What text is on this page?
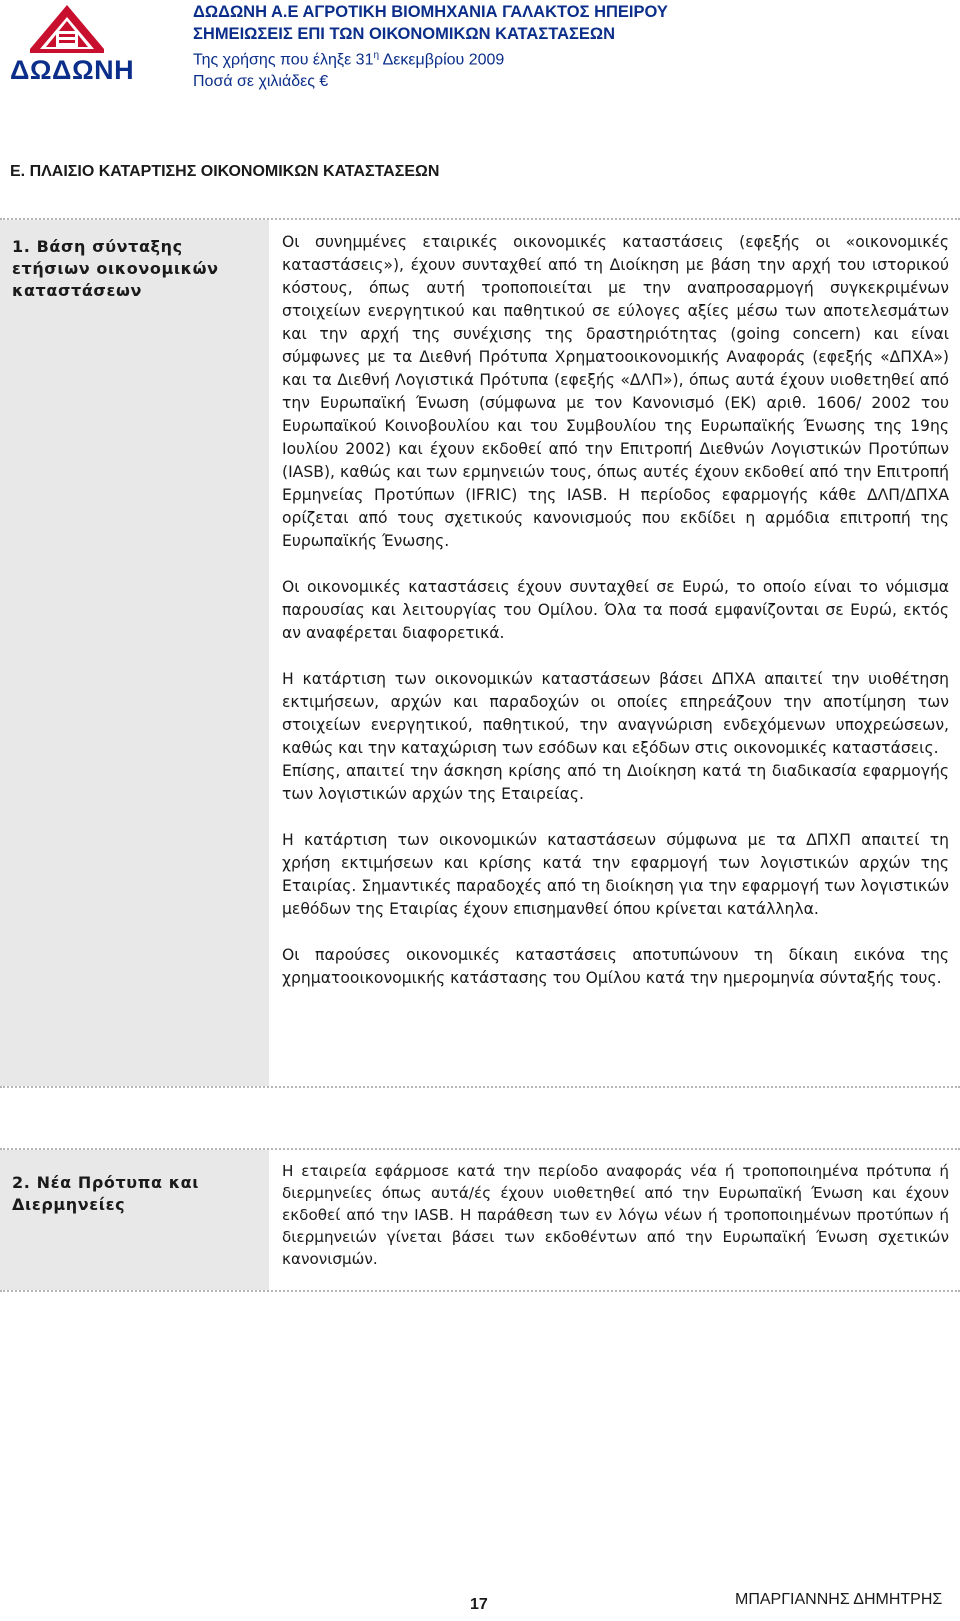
ΔΩΔΩΝΗ
ΔΩΔΩΝΗ Α.Ε ΑΓΡΟΤΙΚΗ ΒΙΟΜΗΧΑΝΙΑ ΓΑΛΑΚΤΟΣ ΗΠΕΙΡΟΥ
ΣΗΜΕΙΩΣΕΙΣ ΕΠΙ ΤΩΝ ΟΙΚΟΝΟΜΙΚΩΝ ΚΑΤΑΣΤΑΣΕΩΝ
Της χρήσης που έληξε $31^\eta$ Δεκεμβρίου 2009
Ποσά σε χιλιάδες €
Ε. ΠΛΑΙΣΙΟ ΚΑΤΑΡΤΙΣΗΣ ΟΙΚΟΝΟΜΙΚΩΝ ΚΑΤΑΣΤΑΣΕΩΝ
1. Βάση σύνταξης ετήσιων οικονομικών καταστάσεων

Οι συνημμένες εταιρικές οικονομικές καταστάσεις (εφεξής οι «οικονομικές καταστάσεις»), έχουν συνταχθεί από τη Διοίκηση με βάση την αρχή του ιστορικού κόστους, όπως αυτή τροποποιείται με την αναπροσαρμογή συγκεκριμένων στοιχείων ενεργητικού και παθητικού σε εύλογες αξίες μέσω των αποτελεσμάτων και την αρχή της συνέχισης της δραστηριότητας (going concern) και είναι σύμφωνες με τα Διεθνή Πρότυπα Χρηματοοικονομικής Αναφοράς (εφεξής «ΔΠΧΑ») και τα Διεθνή Λογιστικά Πρότυπα (εφεξής «ΔΛΠ»), όπως αυτά έχουν υιοθετηθεί από την Ευρωπαϊκή Ένωση (σύμφωνα με τον Κανονισμό (ΕΚ) αριθ. 1606/ 2002 του Ευρωπαϊκού Κοινοβουλίου και του Συμβουλίου της Ευρωπαϊκής Ένωσης της 19ης Ιουλίου 2002) και έχουν εκδοθεί από την Επιτροπή Διεθνών Λογιστικών Προτύπων (IASB), καθώς και των ερμηνειών τους, όπως αυτές έχουν εκδοθεί από την Επιτροπή Ερμηνείας Προτύπων (IFRIC) της IASB. Η περίοδος εφαρμογής κάθε ΔΛΠ/ΔΠΧΑ ορίζεται από τους σχετικούς κανονισμούς που εκδίδει η αρμόδια επιτροπή της Ευρωπαϊκής Ένωσης.

Οι οικονομικές καταστάσεις έχουν συνταχθεί σε Ευρώ, το οποίο είναι το νόμισμα παρουσίας και λειτουργίας του Ομίλου. Όλα τα ποσά εμφανίζονται σε Ευρώ, εκτός αν αναφέρεται διαφορετικά.

Η κατάρτιση των οικονομικών καταστάσεων βάσει ΔΠΧΑ απαιτεί την υιοθέτηση εκτιμήσεων, αρχών και παραδοχών οι οποίες επηρεάζουν την αποτίμηση των στοιχείων ενεργητικού, παθητικού, την αναγνώριση ενδεχόμενων υποχρεώσεων, καθώς και την καταχώριση των εσόδων και εξόδων στις οικονομικές καταστάσεις.

Επίσης, απαιτεί την άσκηση κρίσης από τη Διοίκηση κατά τη διαδικασία εφαρμογής των λογιστικών αρχών της Εταιρείας.

Η κατάρτιση των οικονομικών καταστάσεων σύμφωνα με τα ΔΠΧΠ απαιτεί τη χρήση εκτιμήσεων και κρίσης κατά την εφαρμογή των λογιστικών αρχών της Εταιρίας. Σημαντικές παραδοχές από τη διοίκηση για την εφαρμογή των λογιστικών μεθόδων της Εταιρίας έχουν επισημανθεί όπου κρίνεται κατάλληλα.

Οι παρούσες οικονομικές καταστάσεις αποτυπώνουν τη δίκαιη εικόνα της χρηματοοικονομικής κατάστασης του Ομίλου κατά την ημερομηνία σύνταξής τους.

2. Νέα Πρότυπα και Διερμηνείες

Η εταιρεία εφάρμοσε κατά την περίοδο αναφοράς νέα ή τροποποιημένα πρότυπα ή διερμηνείες όπως αυτά/ές έχουν υιοθετηθεί από την Ευρωπαϊκή Ένωση και έχουν εκδοθεί από την IASB. Η παράθεση των εν λόγω νέων ή τροποποιημένων προτύπων ή διερμηνειών γίνεται βάσει των εκδοθέντων από την Ευρωπαϊκή Ένωση σχετικών κανονισμών.

17	ΜΠΑΡΓΙΑΝΝΗΣ ΔΗΜΗΤΡΗΣ
